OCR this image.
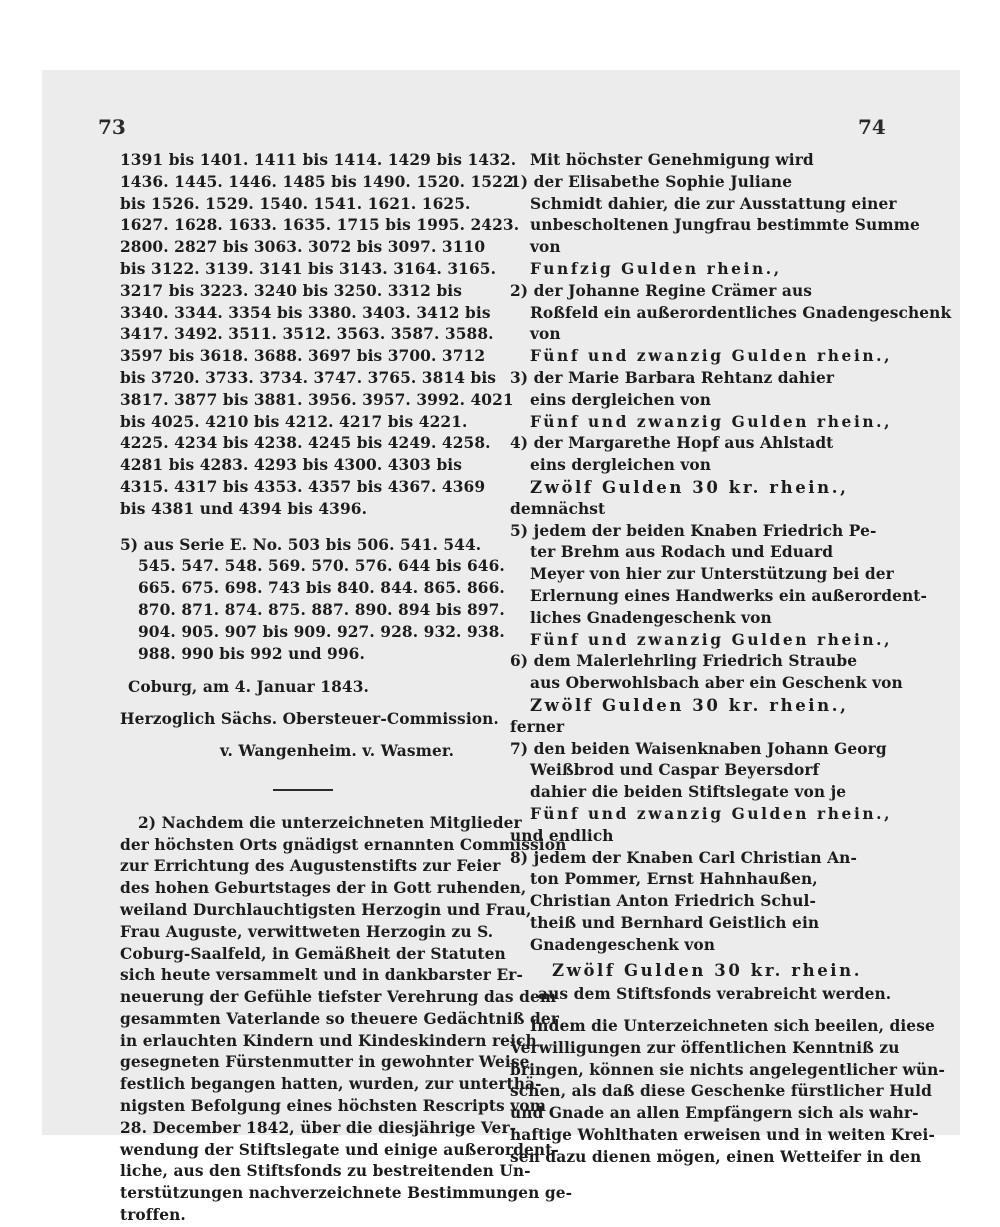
73	74
1391 bis 1401. 1411 bis 1414. 1429 bis 1432.
1436. 1445. 1446. 1485 bis 1490. 1520. 1522
bis 1526. 1529. 1540. 1541. 1621. 1625.
1627. 1628. 1633. 1635. 1715 bis 1995. 2423.
2800. 2827 bis 3063. 3072 bis 3097. 3110
bis 3122. 3139. 3141 bis 3143. 3164. 3165.
3217 bis 3223. 3240 bis 3250. 3312 bis
3340. 3344. 3354 bis 3380. 3403. 3412 bis
3417. 3492. 3511. 3512. 3563. 3587. 3588.
3597 bis 3618. 3688. 3697 bis 3700. 3712
bis 3720. 3733. 3734. 3747. 3765. 3814 bis
3817. 3877 bis 3881. 3956. 3957. 3992. 4021
bis 4025. 4210 bis 4212. 4217 bis 4221.
4225. 4234 bis 4238. 4245 bis 4249. 4258.
4281 bis 4283. 4293 bis 4300. 4303 bis
4315. 4317 bis 4353. 4357 bis 4367. 4369
bis 4381 und 4394 bis 4396.
5) aus Serie E. No. 503 bis 506. 541. 544.
545. 547. 548. 569. 570. 576. 644 bis 646.
665. 675. 698. 743 bis 840. 844. 865. 866.
870. 871. 874. 875. 887. 890. 894 bis 897.
904. 905. 907 bis 909. 927. 928. 932. 938.
988. 990 bis 992 und 996.
Coburg, am 4. Januar 1843.
Herzoglich Sächs. Obersteuer-Commission.
v. Wangenheim. v. Wasmer.
2) Nachdem die unterzeichneten Mitglieder
der höchsten Orts gnädigst ernannten Commission
zur Errichtung des Augustenstifts zur Feier
des hohen Geburtstages der in Gott ruhenden,
weiland Durchlauchtigsten Herzogin und Frau,
Frau Auguste, verwittweten Herzogin zu S.
Coburg-Saalfeld, in Gemäßheit der Statuten
sich heute versammelt und in dankbarster Er-
neuerung der Gefühle tiefster Verehrung das dem
gesammten Vaterlande so theuere Gedächtniß der
in erlauchten Kindern und Kindeskindern reich
gesegneten Fürstenmutter in gewohnter Weise
festlich begangen hatten, wurden, zur unterthä-
nigsten Befolgung eines höchsten Rescripts vom
28. December 1842, über die diesjährige Ver-
wendung der Stiftslegate und einige außerordent-
liche, aus den Stiftsfonds zu bestreitenden Un-
terstützungen nachverzeichnete Bestimmungen ge-
troffen.
Mit höchster Genehmigung wird
1) der Elisabethe Sophie Juliane
Schmidt dahier, die zur Ausstattung einer
unbescholtenen Jungfrau bestimmte Summe
von
Funfzig Gulden rhein.,
2) der Johanne Regine Crämer aus
Roßfeld ein außerordentliches Gnadengeschenk
von
Fünf und zwanzig Gulden rhein.,
3) der Marie Barbara Rehtanz dahier
eins dergleichen von
Fünf und zwanzig Gulden rhein.,
4) der Margarethe Hopf aus Ahlstadt
eins dergleichen von
Zwölf Gulden 30 kr. rhein.,
demnächst
5) jedem der beiden Knaben Friedrich Pe-
ter Brehm aus Rodach und Eduard
Meyer von hier zur Unterstützung bei der
Erlernung eines Handwerks ein außerordent-
liches Gnadengeschenk von
Fünf und zwanzig Gulden rhein.,
6) dem Malerlehrling Friedrich Straube
aus Oberwohlsbach aber ein Geschenk von
Zwölf Gulden 30 kr. rhein.,
ferner
7) den beiden Waisenknaben Johann Georg
Weißbrod und Caspar Beyersdorf
dahier die beiden Stiftslegate von je
Fünf und zwanzig Gulden rhein.,
und endlich
8) jedem der Knaben Carl Christian An-
ton Pommer, Ernst Hahnhaußen,
Christian Anton Friedrich Schul-
theiß und Bernhard Geistlich ein
Gnadengeschenk von
Zwölf Gulden 30 kr. rhein.
aus dem Stiftsfonds verabreicht werden.
Indem die Unterzeichneten sich beeilen, diese
Verwilligungen zur öffentlichen Kenntniß zu
bringen, können sie nichts angelegentlicher wün-
schen, als daß diese Geschenke fürstlicher Huld
und Gnade an allen Empfängern sich als wahr-
haftige Wohlthaten erweisen und in weiten Krei-
sen dazu dienen mögen, einen Wetteifer in den
